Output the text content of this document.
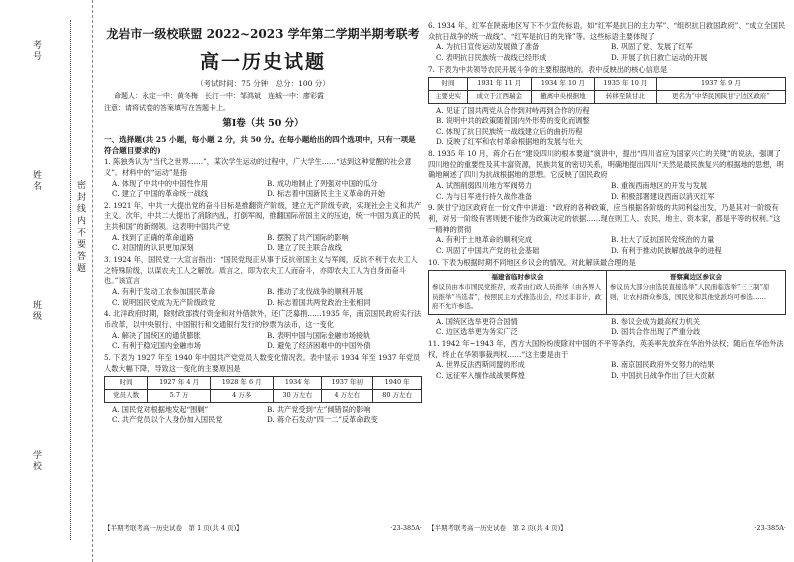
考号
姓名
班级
学校
密 封 线 内 不 要 答 题
龙岩市一级校联盟 2022~2023 学年第二学期半期考联考
高一历史试题
（考试时间：75 分钟　总分：100 分）
命题人：永定一中：黄冬梅　长汀一中：邹鸿斌　连城一中：廖彩霞
注意：请将试卷的答案填写在答题卡上。
第Ⅰ卷（共 50 分）
一、选择题(共 25 小题，每小题 2 分，共 50 分。在每小题给出的四个选项中，只有一项是符合题目要求的)
1. 陈独秀认为“当代之世界……”，某次学生运动的过程中，广大学生……“达到这种觉醒的社会意义”。材料中的“运动”是指
A. 体现了中共中的中国性作用	B. 成功地制止了列强对中国的瓜分
C. 建立了中国的革命统一战线	D. 标志着中国新民主主义革命的开始
2. 1921 年，中共一大提出党的奋斗目标是推翻资产阶级，建立无产阶级专政，实现社会主义和共产主义。次年，中共二大提出了消除内乱，打倒军阀，推翻国际帝国主义的压迫，统一中国为真正的民主共和国”的新纲领。这表明中国共产党
A. 找到了正确的革命道路	B. 摆脱了共产国际的影响
C. 对国情的认识更加深刻	D. 建立了民主联合战线
3. 1924 年，国民党一大宣言指出：“国民党现正从事于反抗帝国主义与军阀，反抗不利于农夫工人之特殊阶级，以谋农夫工人之解放。质言之，即为农夫工人而奋斗，亦即农夫工人为自身而奋斗也。”该宣言
A. 有利于发动工农参加国民革命	B. 推动了北伐战争的顺利开展
C. 说明国民党成为无产阶级政党	D. 标志着国共两党政治主张相同
4. 北洋政府时期，除财政部拨付资金和对外借款外，还广泛募捐……1935 年，南京国民政府实行法币改革，以中央银行、中国银行和交通银行发行的钞票为法币，这一变化
A. 解决了国统区的通货膨胀	B. 表明中国与国际金融市场接轨
C. 有利于稳定国内金融市场	D. 避免了经济困难中的中国外债
5. 下表为 1927 年至 1940 年中国共产党党员人数变化情况表。表中显示 1934 年至 1937 年党员人数大幅下降，导致这一变化的主要原因是
时间	1927 年 4 月	1928 年 6 月	1934 年	1937 年初	1940 年
党员人数	5.7 万	4 万多	30 万左右	4 万左右	80 万左右
A. 国民党对根据地发起“围剿”	B. 共产党受到“左”倾错误的影响
C. 共产党员以个人身份加入国民党	D. 蒋介石发动“四一二”反革命政变
【半期考联考高一历史试卷　第 1 页(共 4 页)】	·23-385A·
6. 1934 年，红军在陕南地区写下不少宣传标语，如“红军是抗日的主力军”、“组织抗日救国政府”、“成立全国民众抗日战争的统一战线”、“红军是抗日的先锋”等。这些标语主要体现了
A. 为抗日宣传运动发展做了准备	B. 巩固了党、发展了红军
C. 表明抗日民族统一战线已经形成	D. 开展了抗日救亡运动的开展
7. 下表为中共领导农民开展斗争的主要根据地的。表中反映出的核心信息是
时间	1931 年 11 月	1934 年 10 月	1935 年 10 月	1937 年 9 月
主要史实	成立于江西瑞金	撤离中央根据地	转移至陕甘北	更名为“中华民国陕甘宁边区政府”
A. 见证了国共两党从合作到对峙再到合作的历程
B. 说明中共的政策随着国内外形势的变化而调整
C. 体现了抗日民族统一战线建立后的曲折历程
D. 反映了红军和农村革命根据地的发展与壮大
8. 1935 年 10 月，蒋介石在“建设四川的根本要道”演讲中，提出“四川省应为国家兴亡的关键”的说法，强调了四川地位的重要性及其丰富资源，民族共复的密切关系，明确地提出四川“天然是最民族复兴的根据地的思想，明确地阐述了四川为抗战根据地的思想。它反映了国民政府
A. 试图削弱四川地方军阀势力	B. 重视西南地区的开发与发展
C. 为与日军进行持久战作准备	D. 积极部署建设西南以消灭红军
9. 陕甘宁边区政府在一份文件中讲道：“政府的各种政策，应当根据各阶级的共同利益出发，乃是其对一阶级有利，对另一阶级有害则便不能作为政策决定的依据……现在则工人、农民、地主、资本家，都是平等的权利。”这一精神的贯彻
A. 有利于土地革命的顺利完成	B. 壮大了反抗国民党统治的力量
C. 巩固了中国共产党的社会基础	D. 有利于推动民族解放战争的进程
10. 下表为根据时期不同地区乡议会的情况。对此解读最合理的是
福建省临时参议会
参议员由本市国民党推荐，或者由行政人员推举（由各界人员推举“当选者”，按照民主方式推选出会，经过非非计，政府不允许参选。
晋察冀边区参议会
参议员大部分由选民直接选举“人民面临选举”三三制”原则，让农村群众参选，国民党和其他党派均可参选……
A. 国统区选举更符合国情	B. 参议会成为最高权力机关
C. 边区选举更为务实广泛	D. 国共合作出现了严重分歧
11. 1942 年~1943 年，西方大国纷纷废除对中国的不平等条约，英美率先放弃在华治外法权；随后在华治外法权，终止在华领事裁判权……”这主要是由于
A. 世界反法西斯同盟的形成	B. 南京国民政府外交努力的结果
C. 远征军入缅作战战果辉煌	D. 中国抗日战争作出了巨大贡献
【半期考联考高一历史试卷　第 2 页(共 4 页)】	·23-385A·
